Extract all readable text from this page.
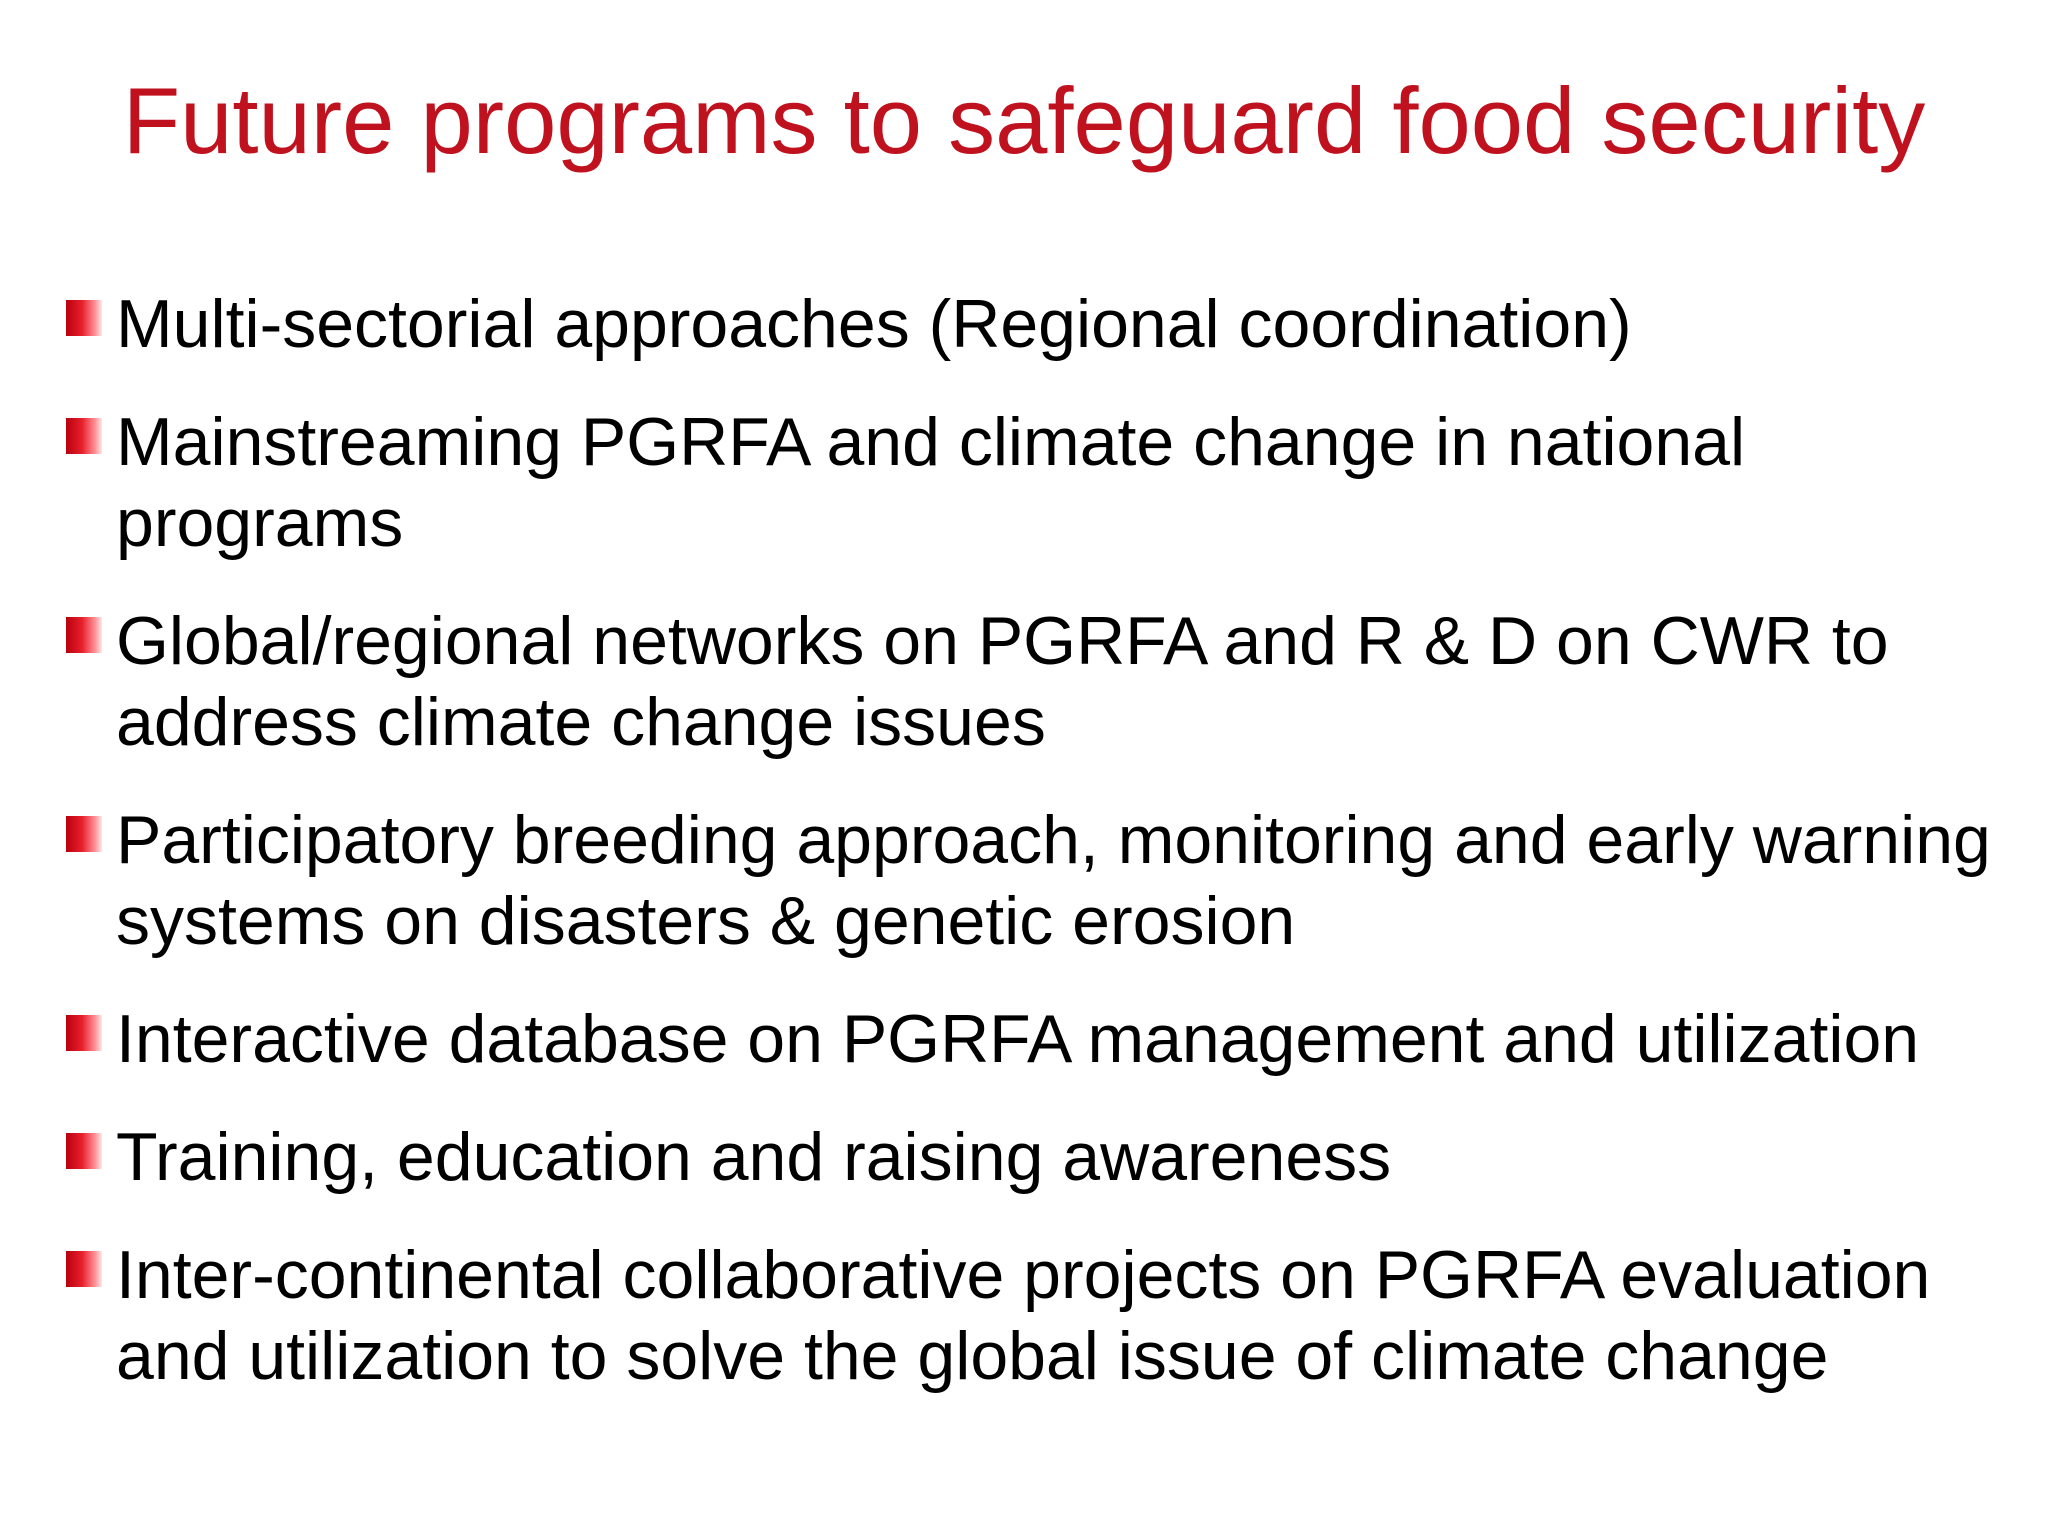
Future programs to safeguard food security
Multi-sectorial approaches (Regional coordination)
Mainstreaming PGRFA and climate change in national programs
Global/regional networks on PGRFA and R & D on CWR to address climate change issues
Participatory breeding approach, monitoring and early warning systems on disasters & genetic erosion
Interactive database on PGRFA management and utilization
Training, education and raising awareness
Inter-continental collaborative projects on PGRFA evaluation and utilization to solve the global issue of climate change
